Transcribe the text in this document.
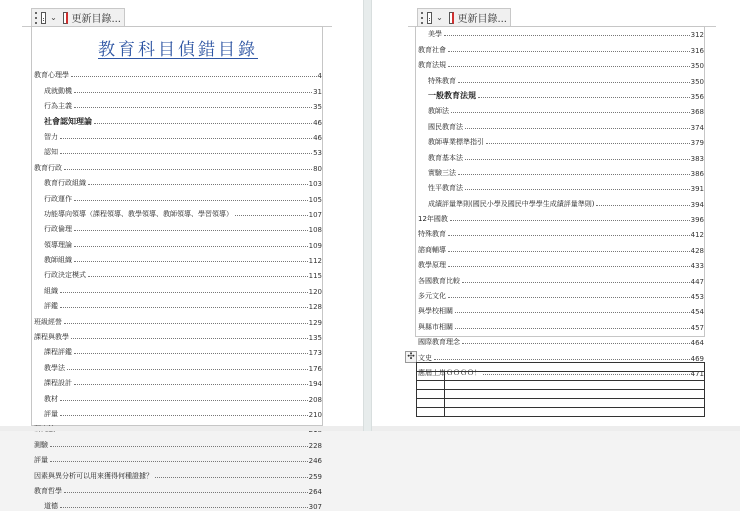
⌄ 更新目錄...
教育科目偵錯目錄
教育心理學	4
成就動機	31
行為主義	35
社會認知理論	46
智力	46
認知	53
教育行政	80
教育行政組織	103
行政運作	105
功能導向領導（課程領導、教學領導、教師領導、學習領導）	107
行政倫理	108
領導理論	109
教師組織	112
行政決定模式	115
組織	120
評鑑	128
班級經營	129
課程與教學	135
課程評鑑	173
教學法	176
課程設計	194
教材	208
評量	210
測驗	228
評量	246
因素與異分析可以用來獲得何種證據？	259
教育哲學	264
道德	307
⌄ 更新目錄...
美學	312
教育社會	316
教育法規	350
特殊教育	350
一般教育法規	356
教師法	368
國民教育法	374
教師專業標準指引	379
教育基本法	383
實驗三法	386
性平教育法	391
成績評量準則(國民小學及國民中學學生成績評量準則)	394
12年國教	396
特殊教育	412
諮商輔導	428
教學原理	433
各國教育比較	447
多元文化	453
與學校相關	454
與縣市相關	457
國際教育理念	464
文史	469
應屆上岸ＧＯＧＯ！	471
✣
